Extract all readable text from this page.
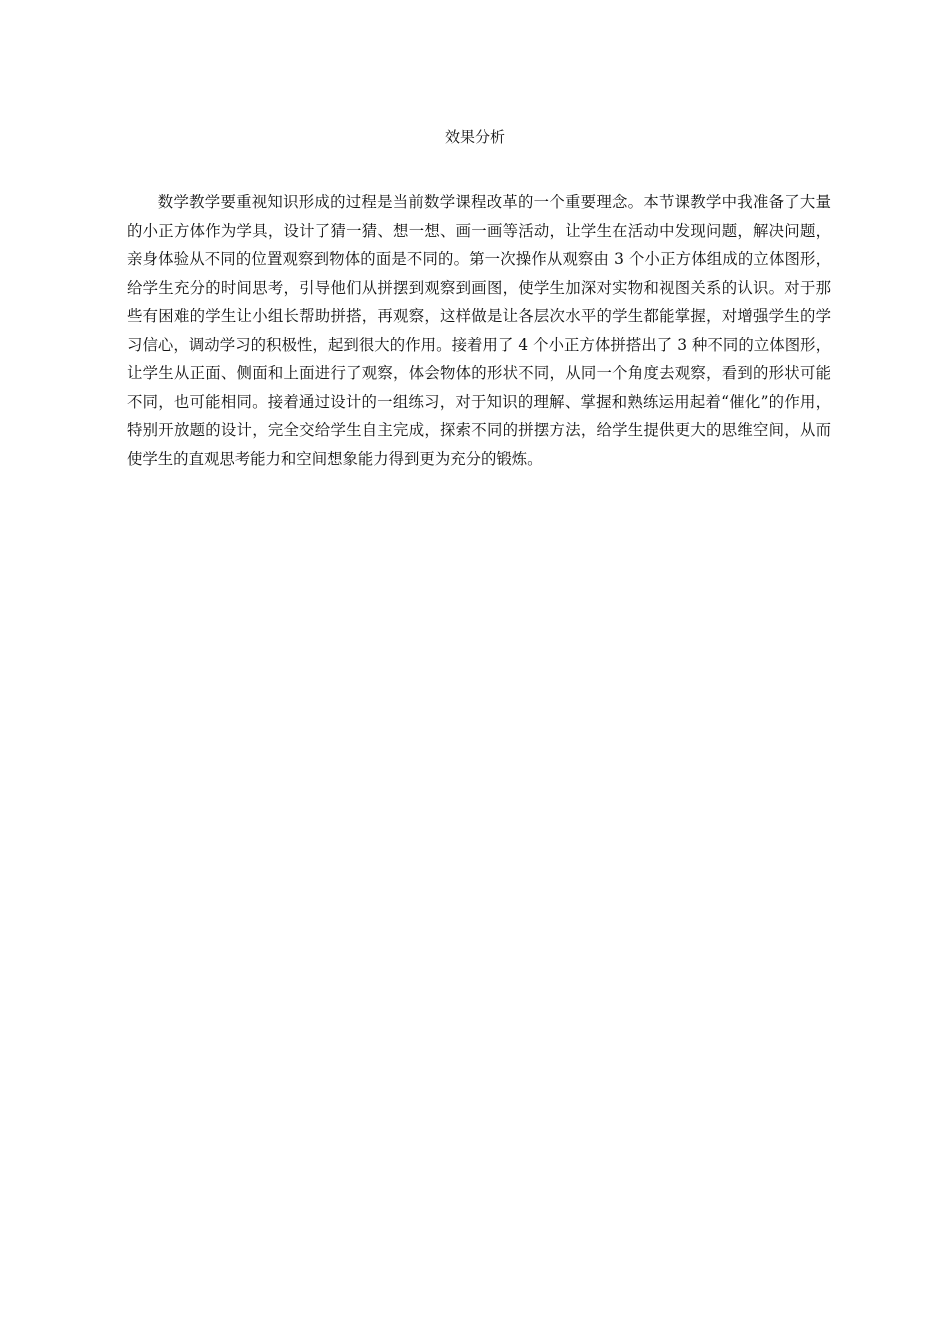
效果分析

数学教学要重视知识形成的过程是当前数学课程改革的一个重要理念。本节课教学中我准备了大量的小正方体作为学具，设计了猜一猜、想一想、画一画等活动，让学生在活动中发现问题，解决问题，亲身体验从不同的位置观察到物体的面是不同的。第一次操作从观察由 3 个小正方体组成的立体图形，给学生充分的时间思考，引导他们从拼摆到观察到画图，使学生加深对实物和视图关系的认识。对于那些有困难的学生让小组长帮助拼搭，再观察，这样做是让各层次水平的学生都能掌握，对增强学生的学习信心，调动学习的积极性，起到很大的作用。接着用了 4 个小正方体拼搭出了 3 种不同的立体图形，让学生从正面、侧面和上面进行了观察，体会物体的形状不同，从同一个角度去观察，看到的形状可能不同，也可能相同。接着通过设计的一组练习，对于知识的理解、掌握和熟练运用起着“催化”的作用，特别开放题的设计，完全交给学生自主完成，探索不同的拼摆方法，给学生提供更大的思维空间，从而使学生的直观思考能力和空间想象能力得到更为充分的锻炼。
